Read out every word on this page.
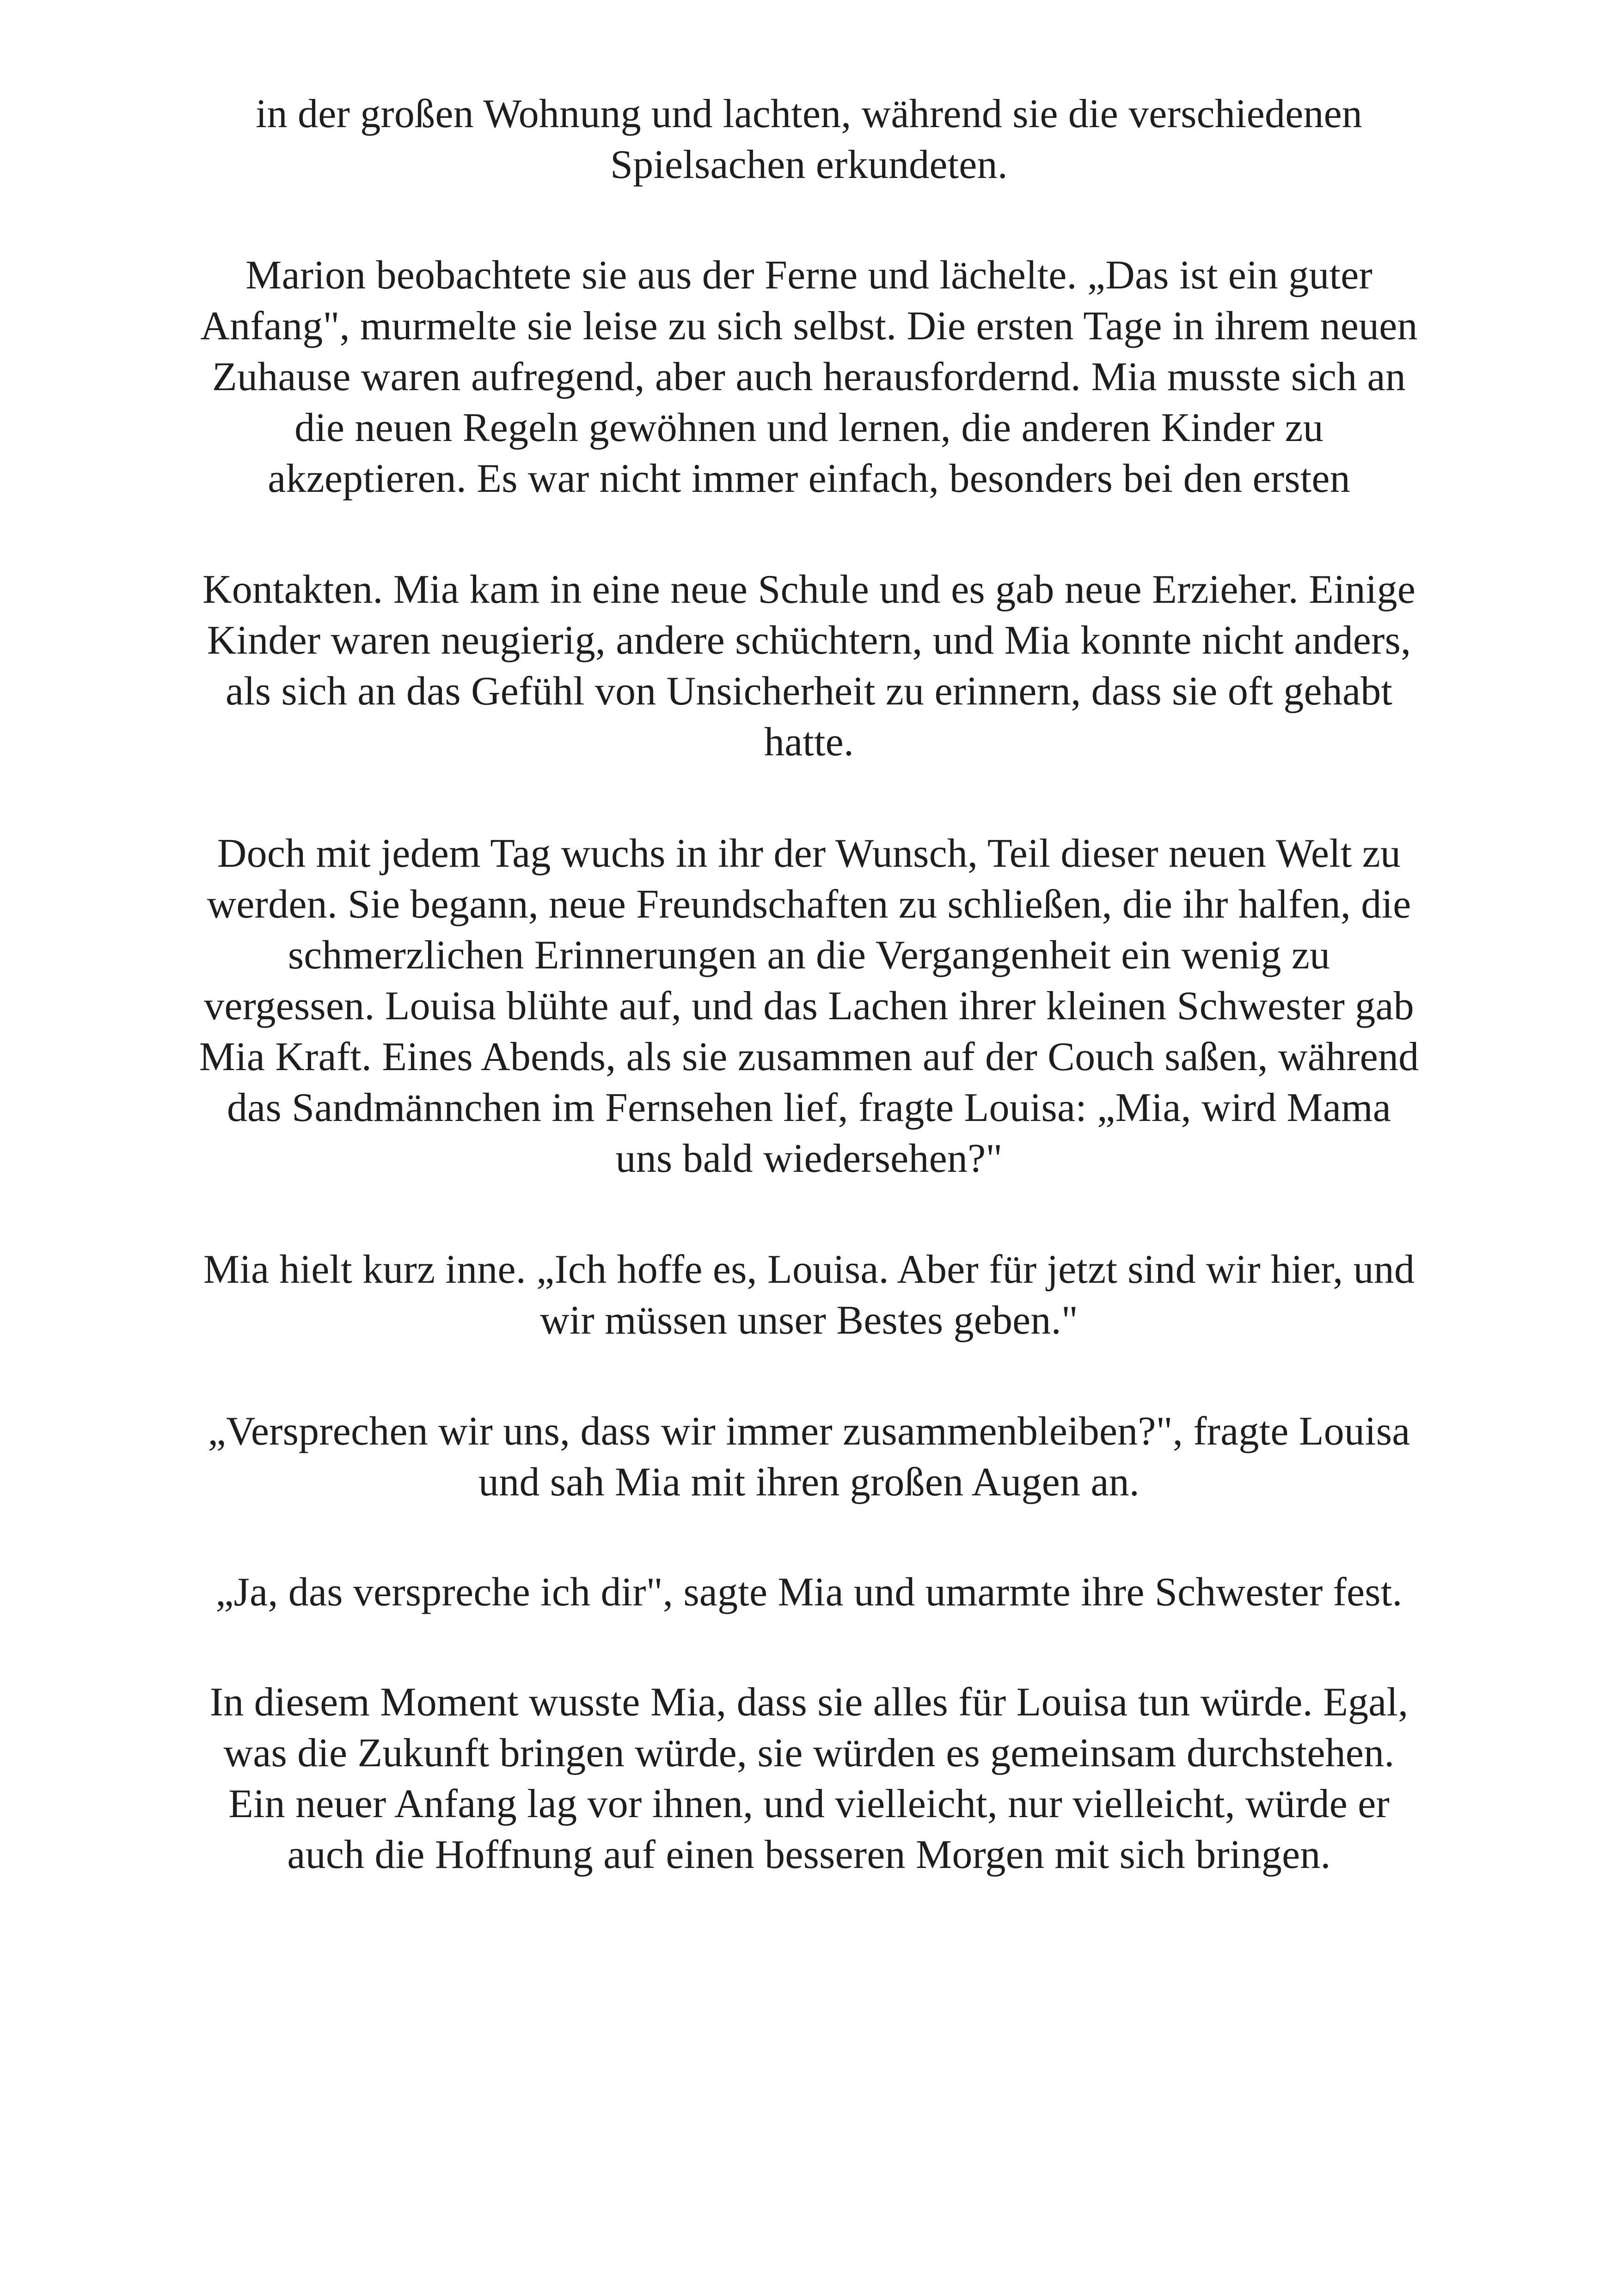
in der großen Wohnung und lachten, während sie die verschiedenen
Spielsachen erkundeten.
Marion beobachtete sie aus der Ferne und lächelte. „Das ist ein guter
Anfang", murmelte sie leise zu sich selbst. Die ersten Tage in ihrem neuen
Zuhause waren aufregend, aber auch herausfordernd. Mia musste sich an
die neuen Regeln gewöhnen und lernen, die anderen Kinder zu
akzeptieren. Es war nicht immer einfach, besonders bei den ersten
Kontakten. Mia kam in eine neue Schule und es gab neue Erzieher. Einige
Kinder waren neugierig, andere schüchtern, und Mia konnte nicht anders,
als sich an das Gefühl von Unsicherheit zu erinnern, dass sie oft gehabt
hatte.
Doch mit jedem Tag wuchs in ihr der Wunsch, Teil dieser neuen Welt zu
werden. Sie begann, neue Freundschaften zu schließen, die ihr halfen, die
schmerzlichen Erinnerungen an die Vergangenheit ein wenig zu
vergessen. Louisa blühte auf, und das Lachen ihrer kleinen Schwester gab
Mia Kraft. Eines Abends, als sie zusammen auf der Couch saßen, während
das Sandmännchen im Fernsehen lief, fragte Louisa: „Mia, wird Mama
uns bald wiedersehen?"
Mia hielt kurz inne. „Ich hoffe es, Louisa. Aber für jetzt sind wir hier, und
wir müssen unser Bestes geben."
„Versprechen wir uns, dass wir immer zusammenbleiben?", fragte Louisa
und sah Mia mit ihren großen Augen an.
„Ja, das verspreche ich dir", sagte Mia und umarmte ihre Schwester fest.
In diesem Moment wusste Mia, dass sie alles für Louisa tun würde. Egal,
was die Zukunft bringen würde, sie würden es gemeinsam durchstehen.
Ein neuer Anfang lag vor ihnen, und vielleicht, nur vielleicht, würde er
auch die Hoffnung auf einen besseren Morgen mit sich bringen.
